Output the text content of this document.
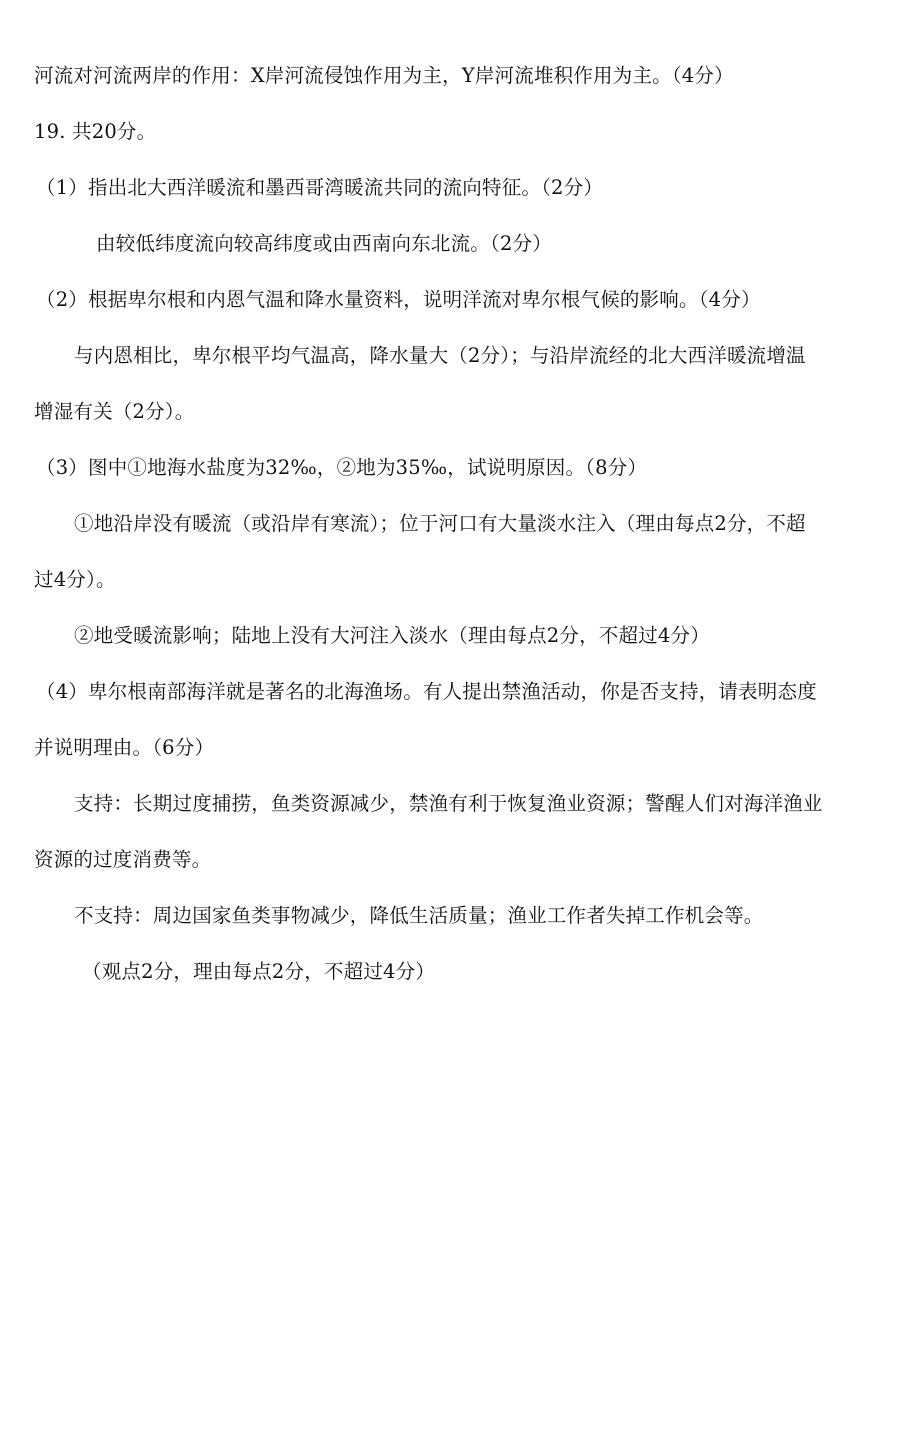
河流对河流两岸的作用：X岸河流侵蚀作用为主，Y岸河流堆积作用为主。（4分）
19. 共20分。
（1）指出北大西洋暖流和墨西哥湾暖流共同的流向特征。（2分）
由较低纬度流向较高纬度或由西南向东北流。（2分）
（2）根据卑尔根和内恩气温和降水量资料，说明洋流对卑尔根气候的影响。（4分）
与内恩相比，卑尔根平均气温高，降水量大（2分）；与沿岸流经的北大西洋暖流增温
增湿有关（2分）。
（3）图中①地海水盐度为32‰，②地为35‰，试说明原因。（8分）
①地沿岸没有暖流（或沿岸有寒流）；位于河口有大量淡水注入（理由每点2分，不超
过4分）。
②地受暖流影响；陆地上没有大河注入淡水（理由每点2分，不超过4分）
（4）卑尔根南部海洋就是著名的北海渔场。有人提出禁渔活动，你是否支持，请表明态度
并说明理由。（6分）
支持：长期过度捕捞，鱼类资源减少，禁渔有利于恢复渔业资源；警醒人们对海洋渔业
资源的过度消费等。
不支持：周边国家鱼类事物减少，降低生活质量；渔业工作者失掉工作机会等。
（观点2分，理由每点2分，不超过4分）
